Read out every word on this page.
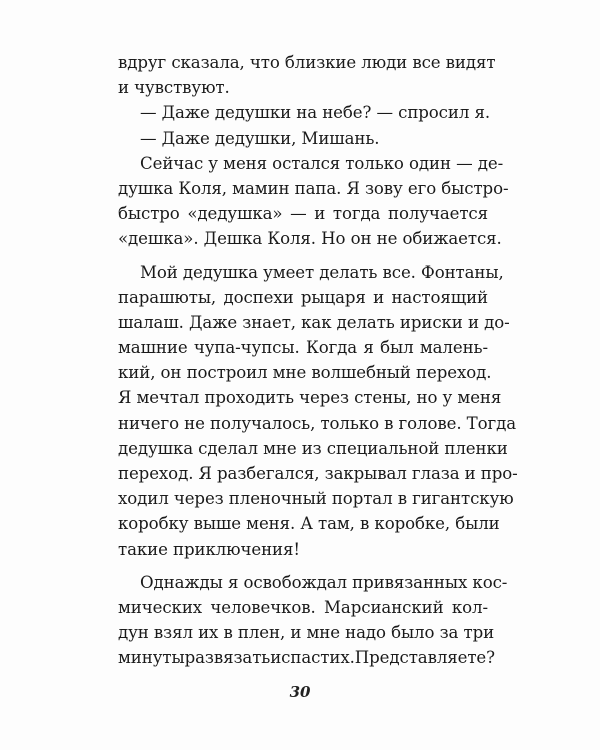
вдруг сказала, что близкие люди все видят
и чувствуют.
— Даже дедушки на небе? — спросил я.
— Даже дедушки, Мишань.
Сейчас у меня остался только один — де-
душка Коля, мамин папа. Я зову его быстро-
быстро «дедушка» — и тогда получается
«дешка». Дешка Коля. Но он не обижается.
Мой дедушка умеет делать все. Фонтаны,
парашюты, доспехи рыцаря и настоящий
шалаш. Даже знает, как делать ириски и до-
машние чупа-чупсы. Когда я был малень-
кий, он построил мне волшебный переход.
Я мечтал проходить через стены, но у меня
ничего не получалось, только в голове. Тогда
дедушка сделал мне из специальной пленки
переход. Я разбегался, закрывал глаза и про-
ходил через пленочный портал в гигантскую
коробку выше меня. А там, в коробке, были
такие приключения!
Однажды я освобождал привязанных кос-
мических человечков. Марсианский кол-
дун взял их в плен, и мне надо было за три
минутыразвязатьиспастих.Представляете?
30
